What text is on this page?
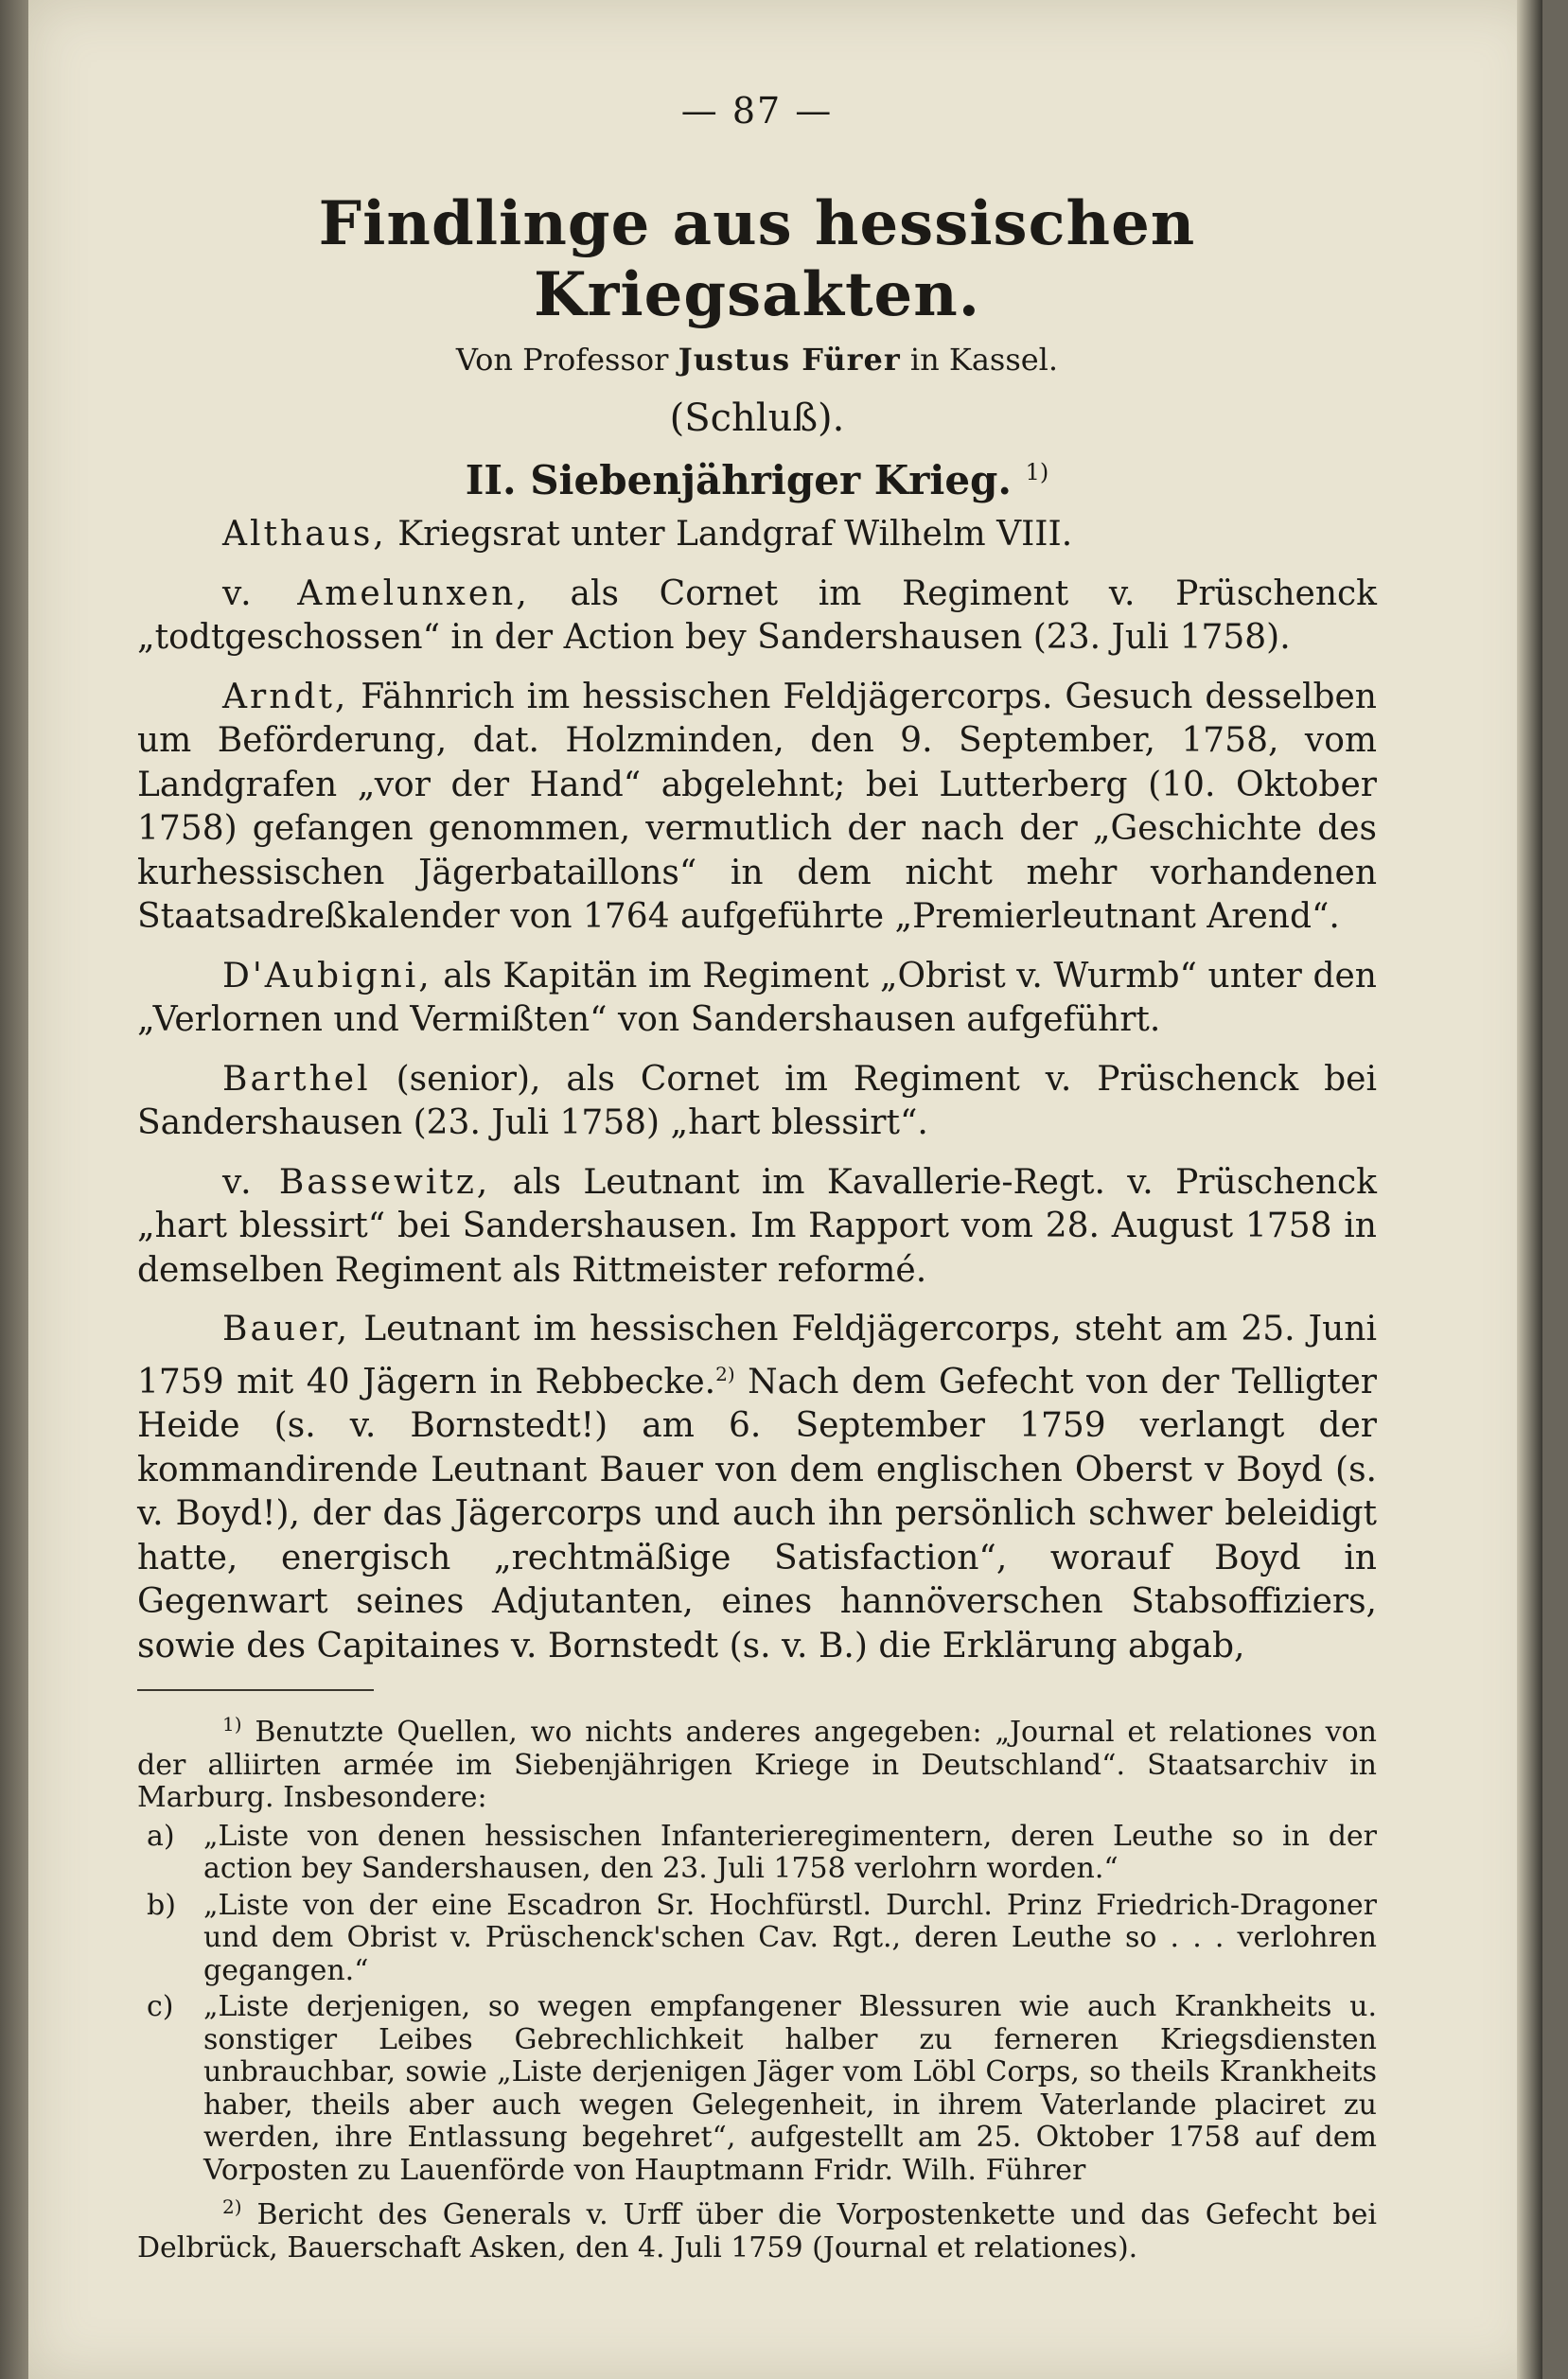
— 87 —
Findlinge aus hessischen Kriegsakten.
Von Professor Justus Fürer in Kassel.
(Schluß).
II. Siebenjähriger Krieg. $^{1)}$

Althaus, Kriegsrat unter Landgraf Wilhelm VIII.

v. Amelunxen, als Cornet im Regiment v. Prüschenck „todtgeschossen“ in der Action bey Sandershausen (23. Juli 1758).

Arndt, Fähnrich im hessischen Feldjägercorps. Gesuch desselben um Beförderung, dat. Holzminden, den 9. September, 1758, vom Landgrafen „vor der Hand“ abgelehnt; bei Lutterberg (10. Oktober 1758) gefangen genommen, vermutlich der nach der „Geschichte des kurhessischen Jägerbataillons“ in dem nicht mehr vorhandenen Staatsadreßkalender von 1764 aufgeführte „Premierleutnant Arend“.

D'Aubigni, als Kapitän im Regiment „Obrist v. Wurmb“ unter den „Verlornen und Vermißten“ von Sandershausen aufgeführt.

Barthel (senior), als Cornet im Regiment v. Prüschenck bei Sandershausen (23. Juli 1758) „hart blessirt“.

v. Bassewitz, als Leutnant im Kavallerie-Regt. v. Prüschenck „hart blessirt“ bei Sandershausen. Im Rapport vom 28. August 1758 in demselben Regiment als Rittmeister reformé.

Bauer, Leutnant im hessischen Feldjägercorps, steht am 25. Juni 1759 mit 40 Jägern in Rebbecke.$^{2)}$ Nach dem Gefecht von der Telligter Heide (s. v. Bornstedt!) am 6. September 1759 verlangt der kommandirende Leutnant Bauer von dem englischen Oberst v Boyd (s. v. Boyd!), der das Jägercorps und auch ihn persönlich schwer beleidigt hatte, energisch „rechtmäßige Satisfaction“, worauf Boyd in Gegenwart seines Adjutanten, eines hannöverschen Stabsoffiziers, sowie des Capitaines v. Bornstedt (s. v. B.) die Erklärung abgab,

$^{1)}$ Benutzte Quellen, wo nichts anderes angegeben: „Journal et relationes von der alliirten armée im Siebenjährigen Kriege in Deutschland“. Staatsarchiv in Marburg. Insbesondere:

a)	„Liste von denen hessischen Infanterieregimentern, deren Leuthe so in der action bey Sandershausen, den 23. Juli 1758 verlohrn worden.“
b) „Liste von der eine Escadron Sr. Hochfürstl. Durchl. Prinz Friedrich-Dragoner und dem Obrist v. Prüschenck'schen Cav. Rgt., deren Leuthe so . . . verlohren gegangen.“
c)	„Liste derjenigen, so wegen empfangener Blessuren wie auch Krankheits u. sonstiger Leibes Gebrechlichkeit halber zu ferneren Kriegsdiensten unbrauchbar, sowie „Liste derjenigen Jäger vom Löbl Corps, so theils Krankheits haber, theils aber auch wegen Gelegenheit, in ihrem Vaterlande placiret zu werden, ihre Entlassung begehret“, aufgestellt am 25. Oktober 1758 auf dem Vorposten zu Lauenförde von Hauptmann Fridr. Wilh. Führer

$^{2)}$ Bericht des Generals v. Urff über die Vorpostenkette und das Gefecht bei Delbrück, Bauerschaft Asken, den 4. Juli 1759 (Journal et relationes).
